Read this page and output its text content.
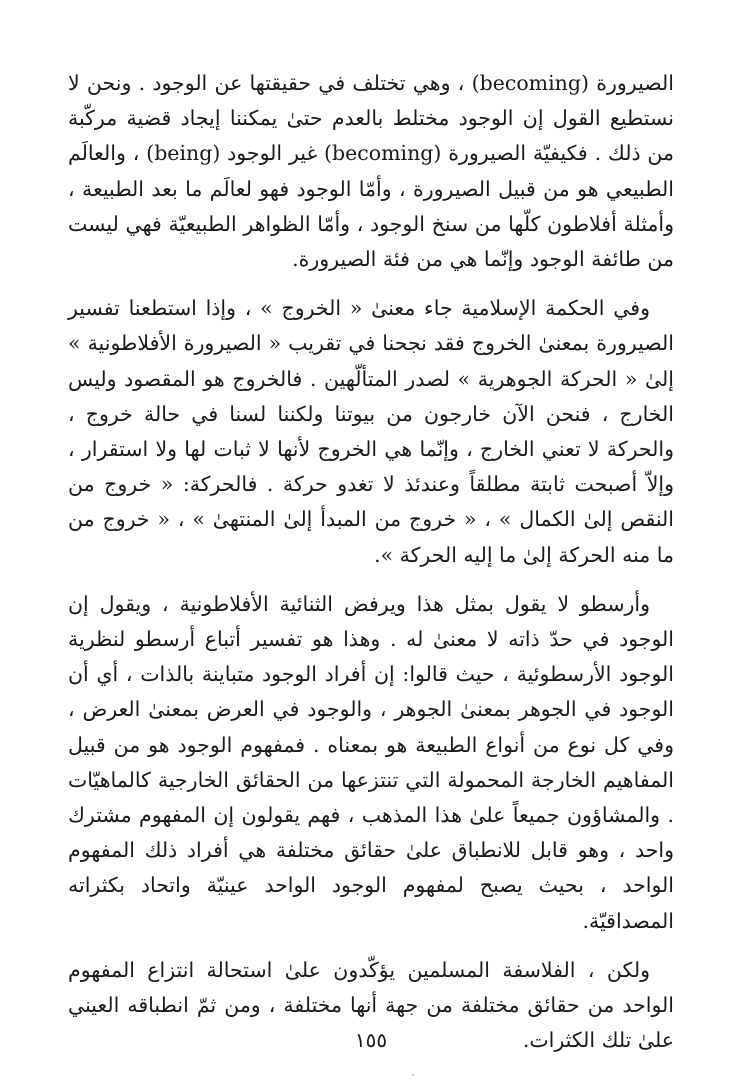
الصيرورة (becoming) ، وهي تختلف في حقيقتها عن الوجود . ونحن لا نستطيع القول إن الوجود مختلط بالعدم حتىٰ يمكننا إيجاد قضية مركّبة من ذلك . فكيفيّة الصيرورة (becoming) غير الوجود (being) ، والعالَم الطبيعي هو من قبيل الصيرورة ، وأمّا الوجود فهو لعالَم ما بعد الطبيعة ، وأمثلة أفلاطون كلّها من سنخ الوجود ، وأمّا الظواهر الطبيعيّة فهي ليست من طائفة الوجود وإنّما هي من فئة الصيرورة.

وفي الحكمة الإسلامية جاء معنىٰ « الخروج » ، وإذا استطعنا تفسير الصيرورة بمعنىٰ الخروج فقد نجحنا في تقريب « الصيرورة الأفلاطونية » إلىٰ « الحركة الجوهرية » لصدر المتألّهين . فالخروج هو المقصود وليس الخارج ، فنحن الآن خارجون من بيوتنا ولكننا لسنا في حالة خروج ، والحركة لا تعني الخارج ، وإنّما هي الخروج لأنها لا ثبات لها ولا استقرار ، وإلاّ أصبحت ثابتة مطلقاً وعندئذ لا تغدو حركة . فالحركة: « خروج من النقص إلىٰ الكمال » ، « خروج من المبدأ إلىٰ المنتهىٰ » ، « خروج من ما منه الحركة إلىٰ ما إليه الحركة ».

وأرسطو لا يقول بمثل هذا ويرفض الثنائية الأفلاطونية ، ويقول إن الوجود في حدّ ذاته لا معنىٰ له . وهذا هو تفسير أتباع أرسطو لنظرية الوجود الأرسطوئية ، حيث قالوا: إن أفراد الوجود متباينة بالذات ، أي أن الوجود في الجوهر بمعنىٰ الجوهر ، والوجود في العرض بمعنىٰ العرض ، وفي كل نوع من أنواع الطبيعة هو بمعناه . فمفهوم الوجود هو من قبيل المفاهيم الخارجة المحمولة التي تنتزعها من الحقائق الخارجية كالماهيّات . والمشاؤون جميعاً علىٰ هذا المذهب ، فهم يقولون إن المفهوم مشترك واحد ، وهو قابل للانطباق علىٰ حقائق مختلفة هي أفراد ذلك المفهوم الواحد ، بحيث يصبح لمفهوم الوجود الواحد عينيّة واتحاد بكثراته المصداقيّة.

ولكن ، الفلاسفة المسلمين يؤكّدون علىٰ استحالة انتزاع المفهوم الواحد من حقائق مختلفة من جهة أنها مختلفة ، ومن ثمّ انطباقه العيني علىٰ تلك الكثرات.

١٥٥
